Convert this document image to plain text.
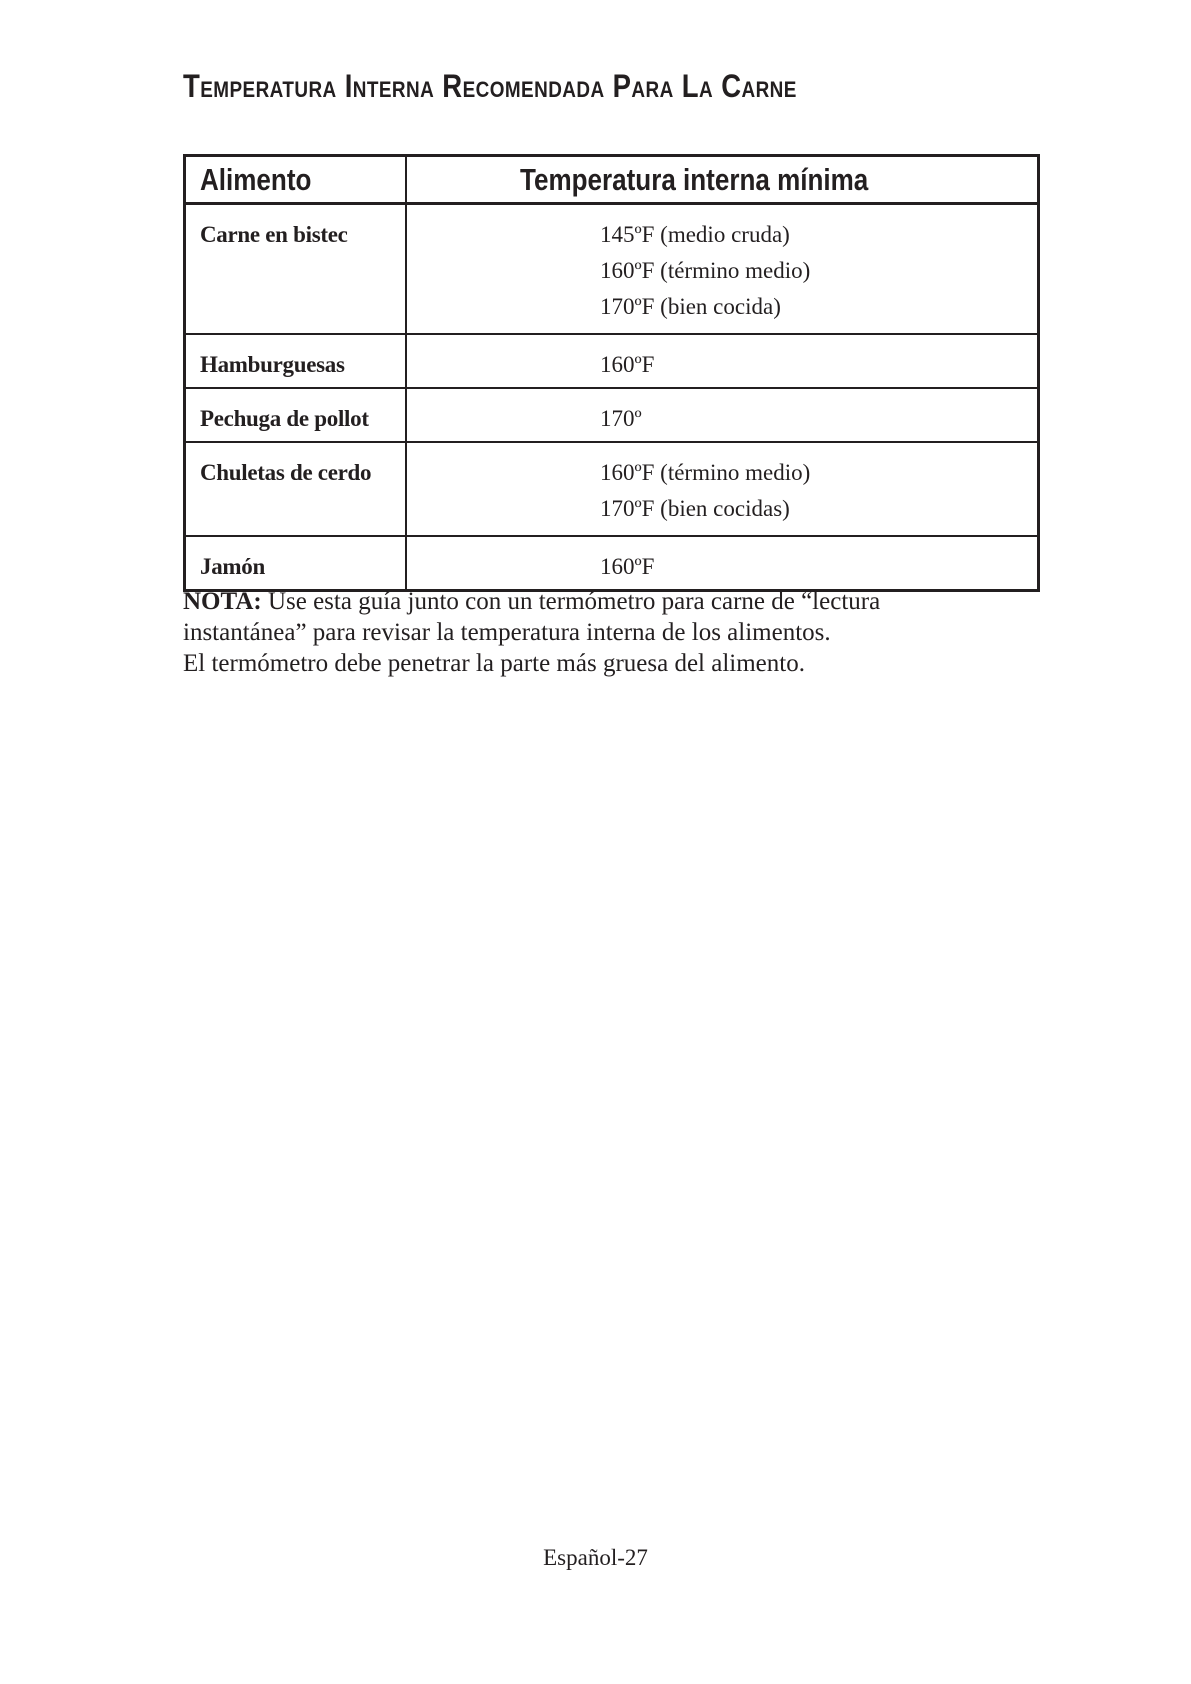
Temperatura Interna Recomendada Para La Carne
Alimento	Temperatura interna mínima
Carne en bistec	145ºF (medio cruda)
160ºF (término medio)
170ºF (bien cocida)

Hamburguesas	160ºF

Pechuga de pollot	170º

Chuletas de cerdo	160ºF (término medio)
170ºF (bien cocidas)

Jamón	160ºF

NOTA: Use esta guía junto con un termómetro para carne de “lectura
instantánea” para revisar la temperatura interna de los alimentos.
El termómetro debe penetrar la parte más gruesa del alimento.

Español-27
